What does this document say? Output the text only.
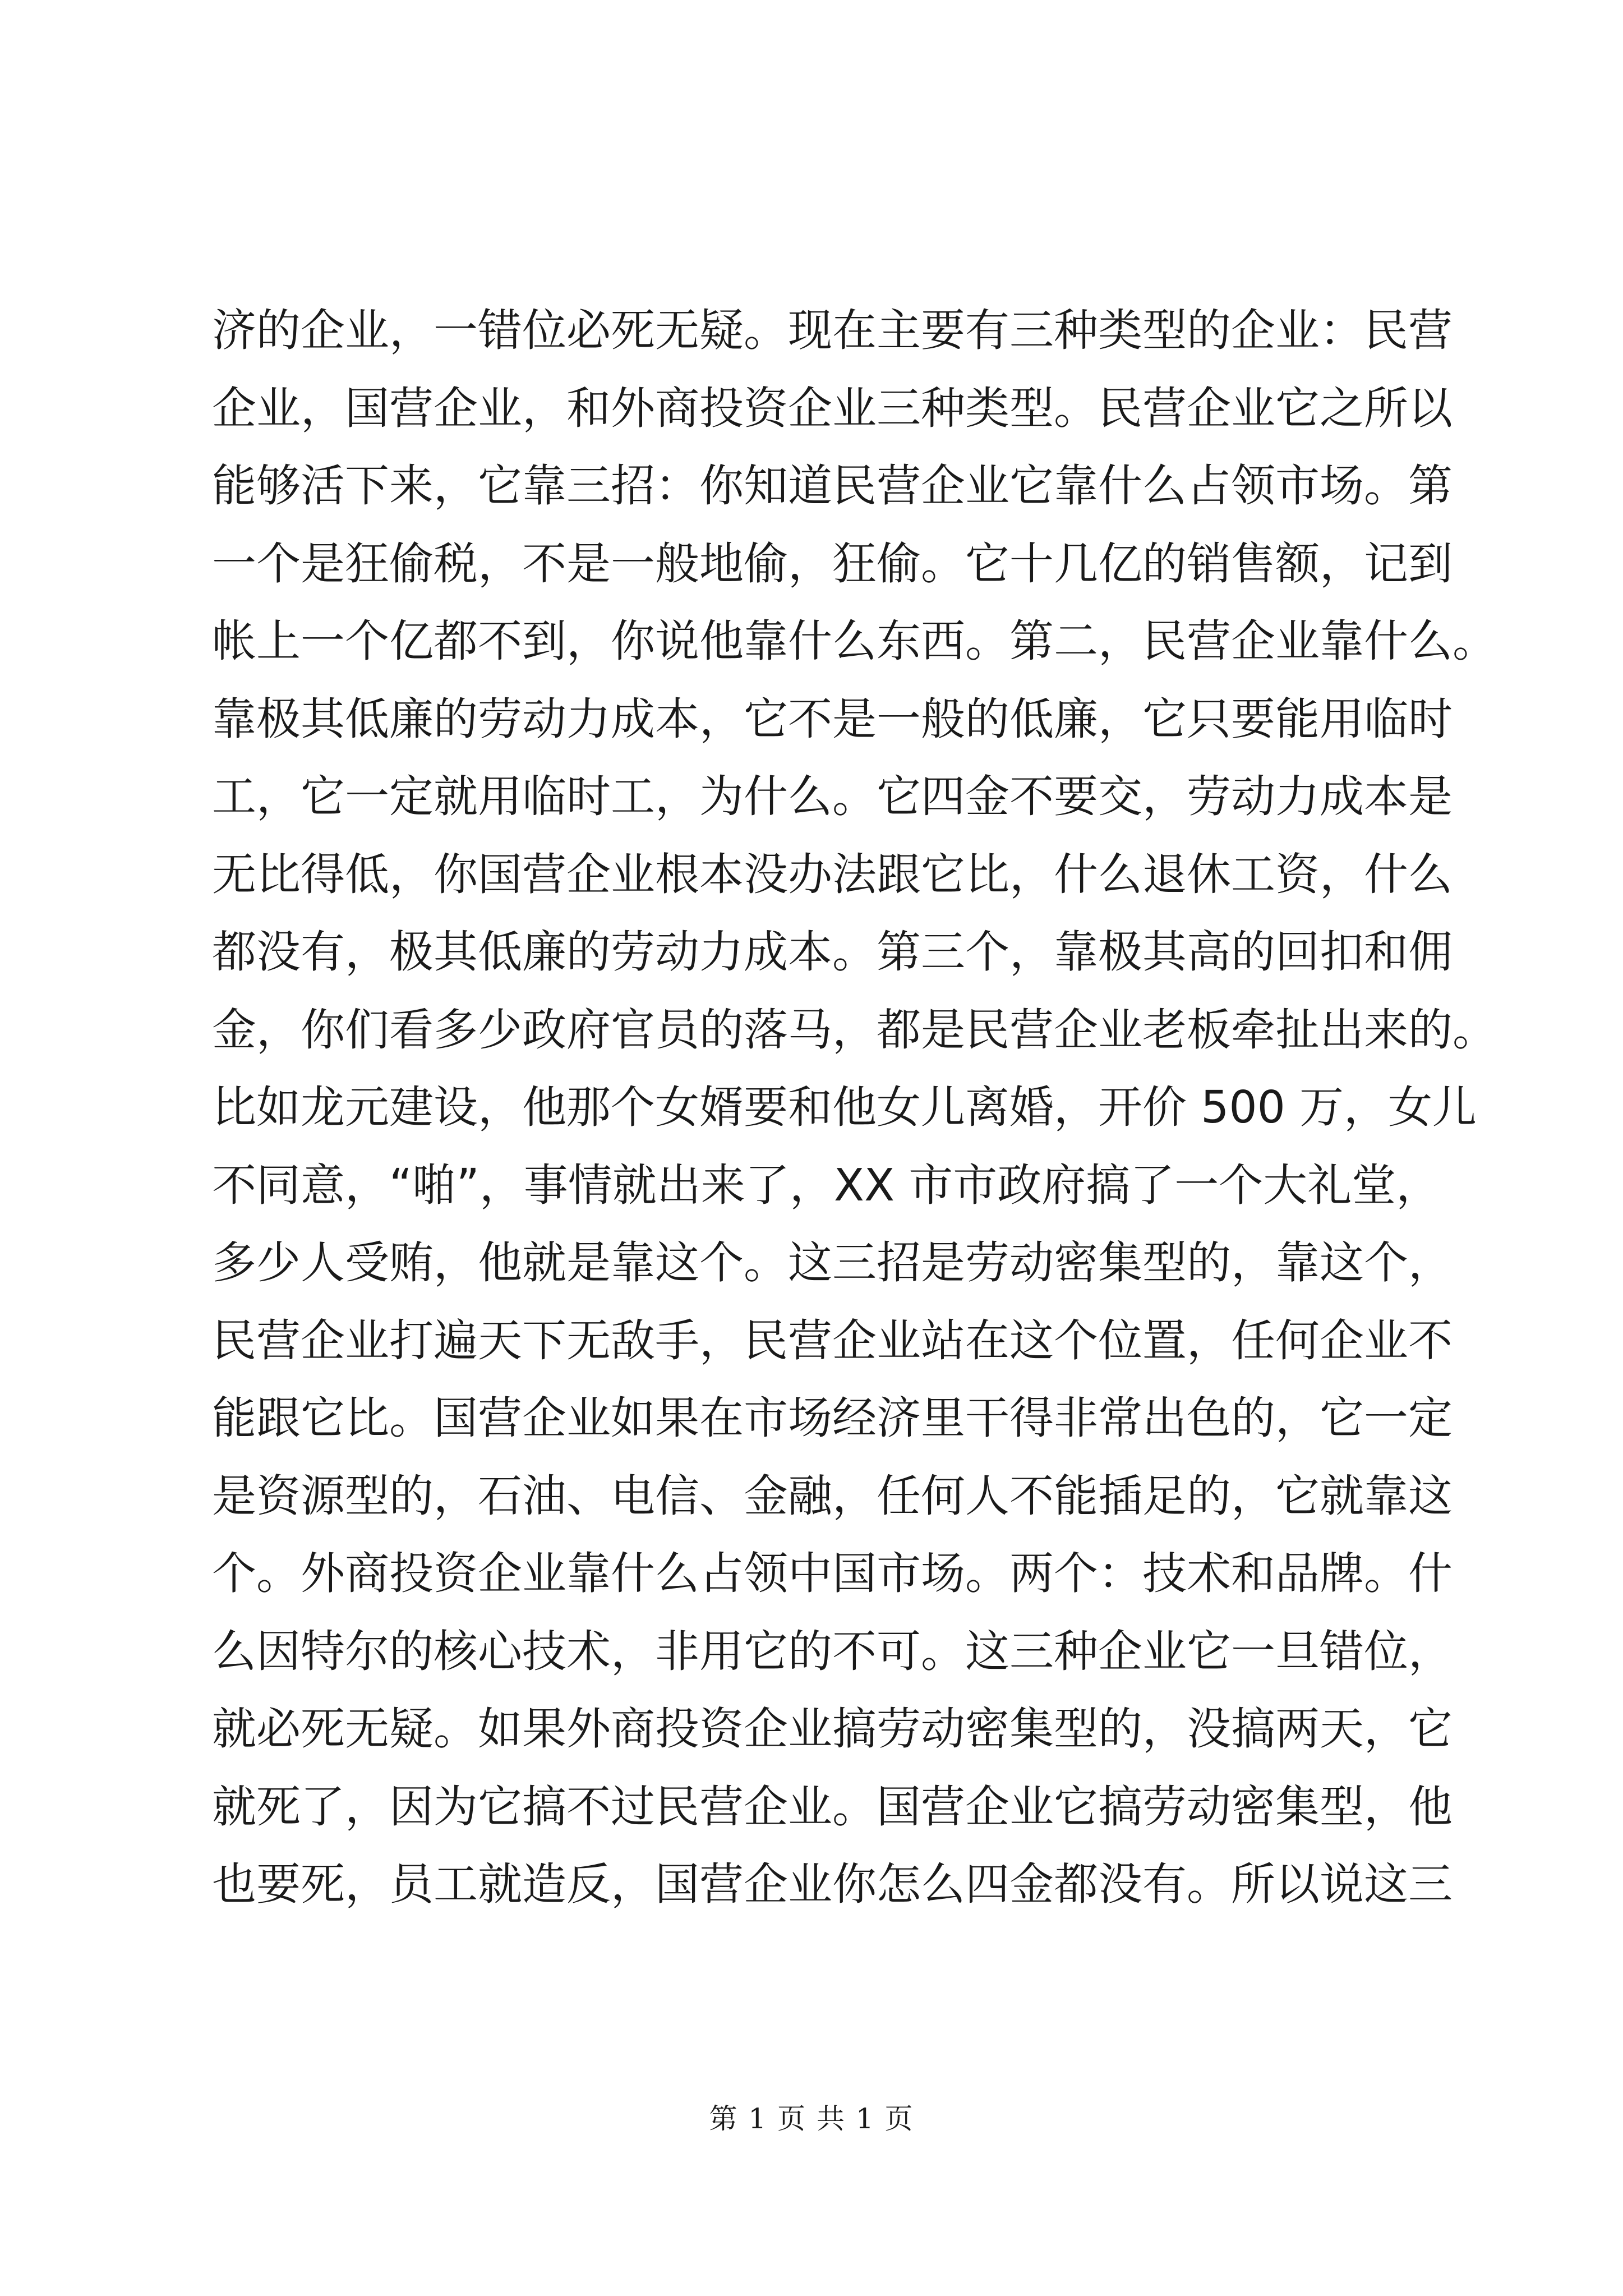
济的企业，一错位必死无疑。现在主要有三种类型的企业：民营
企业，国营企业，和外商投资企业三种类型。民营企业它之所以
能够活下来，它靠三招：你知道民营企业它靠什么占领市场。第
一个是狂偷税，不是一般地偷，狂偷。它十几亿的销售额，记到
帐上一个亿都不到，你说他靠什么东西。第二，民营企业靠什么。
靠极其低廉的劳动力成本，它不是一般的低廉，它只要能用临时
工，它一定就用临时工，为什么。它四金不要交，劳动力成本是
无比得低，你国营企业根本没办法跟它比，什么退休工资，什么
都没有，极其低廉的劳动力成本。第三个，靠极其高的回扣和佣
金，你们看多少政府官员的落马，都是民营企业老板牵扯出来的。
比如龙元建设，他那个女婿要和他女儿离婚，开价 500 万，女儿
不同意，“啪”，事情就出来了，XX 市市政府搞了一个大礼堂，
多少人受贿，他就是靠这个。这三招是劳动密集型的，靠这个，
民营企业打遍天下无敌手，民营企业站在这个位置，任何企业不
能跟它比。国营企业如果在市场经济里干得非常出色的，它一定
是资源型的，石油、电信、金融，任何人不能插足的，它就靠这
个。外商投资企业靠什么占领中国市场。两个：技术和品牌。什
么因特尔的核心技术，非用它的不可。这三种企业它一旦错位，
就必死无疑。如果外商投资企业搞劳动密集型的，没搞两天，它
就死了，因为它搞不过民营企业。国营企业它搞劳动密集型，他
也要死，员工就造反，国营企业你怎么四金都没有。所以说这三
第 1 页 共 1 页
